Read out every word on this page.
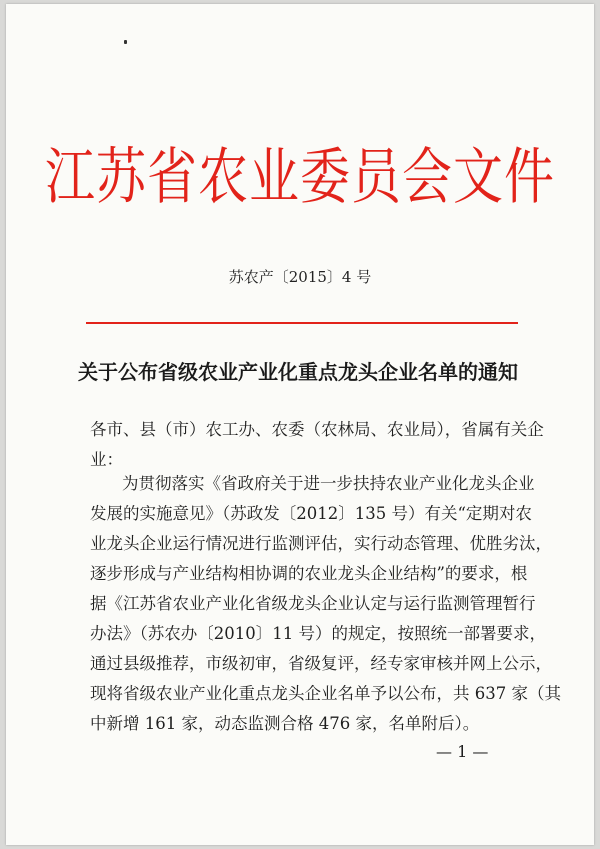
江苏省农业委员会文件
苏农产〔2015〕4 号
关于公布省级农业产业化重点龙头企业名单的通知
各市、县（市）农工办、农委（农林局、农业局），省属有关企
业：
为贯彻落实《省政府关于进一步扶持农业产业化龙头企业
发展的实施意见》（苏政发〔2012〕135 号）有关“定期对农
业龙头企业运行情况进行监测评估，实行动态管理、优胜劣汰，
逐步形成与产业结构相协调的农业龙头企业结构”的要求，根
据《江苏省农业产业化省级龙头企业认定与运行监测管理暂行
办法》（苏农办〔2010〕11 号）的规定，按照统一部署要求，
通过县级推荐，市级初审，省级复评，经专家审核并网上公示，
现将省级农业产业化重点龙头企业名单予以公布，共 637 家（其
中新增 161 家，动态监测合格 476 家，名单附后）。
— 1 —
